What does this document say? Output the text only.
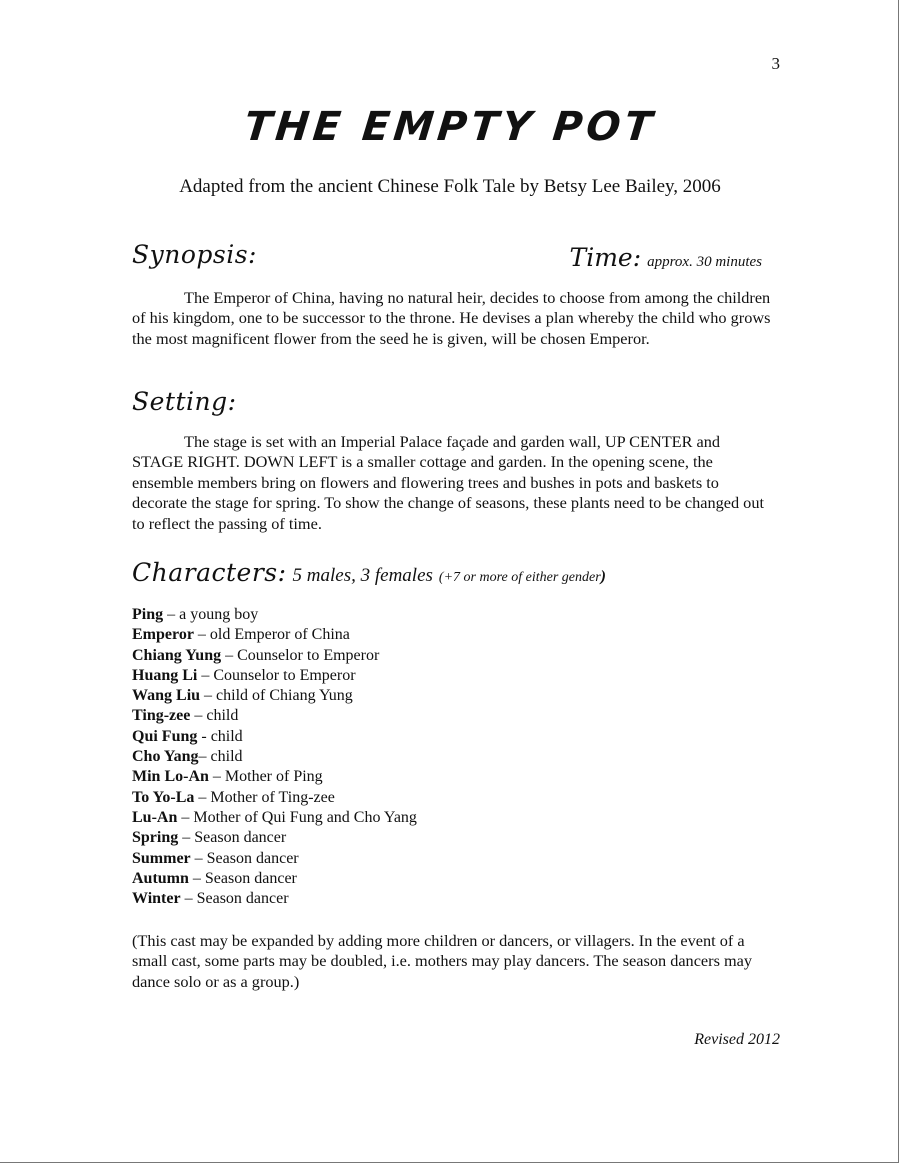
3
THE EMPTY POT
Adapted from the ancient Chinese Folk Tale by Betsy Lee Bailey, 2006
Synopsis:	Time: approx. 30 minutes

The Emperor of China, having no natural heir, decides to choose from among the children of his kingdom, one to be successor to the throne. He devises a plan whereby the child who grows the most magnificent flower from the seed he is given, will be chosen Emperor.

Setting:

The stage is set with an Imperial Palace façade and garden wall, UP CENTER and STAGE RIGHT. DOWN LEFT is a smaller cottage and garden. In the opening scene, the ensemble members bring on flowers and flowering trees and bushes in pots and baskets to decorate the stage for spring. To show the change of seasons, these plants need to be changed out to reflect the passing of time.

Characters: 5 males, 3 females (+7 or more of either gender)
Ping – a young boy
Emperor – old Emperor of China
Chiang Yung – Counselor to Emperor
Huang Li – Counselor to Emperor
Wang Liu – child of Chiang Yung
Ting-zee – child
Qui Fung - child
Cho Yang– child
Min Lo-An – Mother of Ping
To Yo-La – Mother of Ting-zee
Lu-An – Mother of Qui Fung and Cho Yang
Spring – Season dancer
Summer – Season dancer
Autumn – Season dancer
Winter – Season dancer
(This cast may be expanded by adding more children or dancers, or villagers. In the event of a small cast, some parts may be doubled, i.e. mothers may play dancers. The season dancers may dance solo or as a group.)
Revised 2012
